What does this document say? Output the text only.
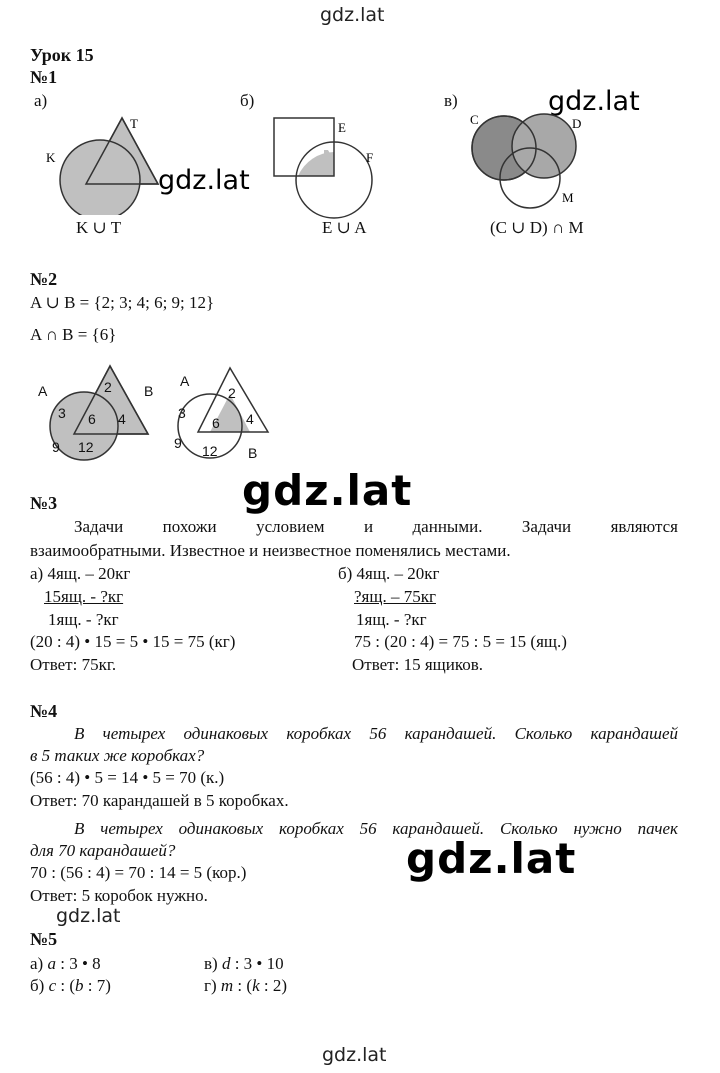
gdz.lat
gdz.lat
gdz.lat
gdz.lat
gdz.lat
gdz.lat
gdz.lat
Урок 15
№1
а)	б)	в)
K
T
K ∪ T
E
F
E ∪ A
C	D
M
(C ∪ D) ∩ M
№2
A ∪ B = {2; 3; 4; 6; 9; 12}
A ∩ B = {6}
A	B
2
3 6 4
9 12
A
B
2
3
6 4
9 12
№3
Задачи похожи условием и данными. Задачи являются
взаимообратными. Известное и неизвестное поменялись местами.
а) 4ящ. – 20кг
15ящ. - ?кг
1ящ. - ?кг
(20 : 4) • 15 = 5 • 15 = 75 (кг)
Ответ: 75кг.
б) 4ящ. – 20кг
?ящ. – 75кг
1ящ. - ?кг
75 : (20 : 4) = 75 : 5 = 15 (ящ.)
Ответ: 15 ящиков.
№4
В четырех одинаковых коробках 56 карандашей. Сколько карандашей
в 5 таких же коробках?
(56 : 4) • 5 = 14 • 5 = 70 (к.)
Ответ: 70 карандашей в 5 коробках.
В четырех одинаковых коробках 56 карандашей. Сколько нужно пачек
для 70 карандашей?
70 : (56 : 4) = 70 : 14 = 5 (кор.)
Ответ: 5 коробок нужно.
№5
а) a : 3 • 8	в) d : 3 • 10
б) c : (b : 7)	г) m : (k : 2)
